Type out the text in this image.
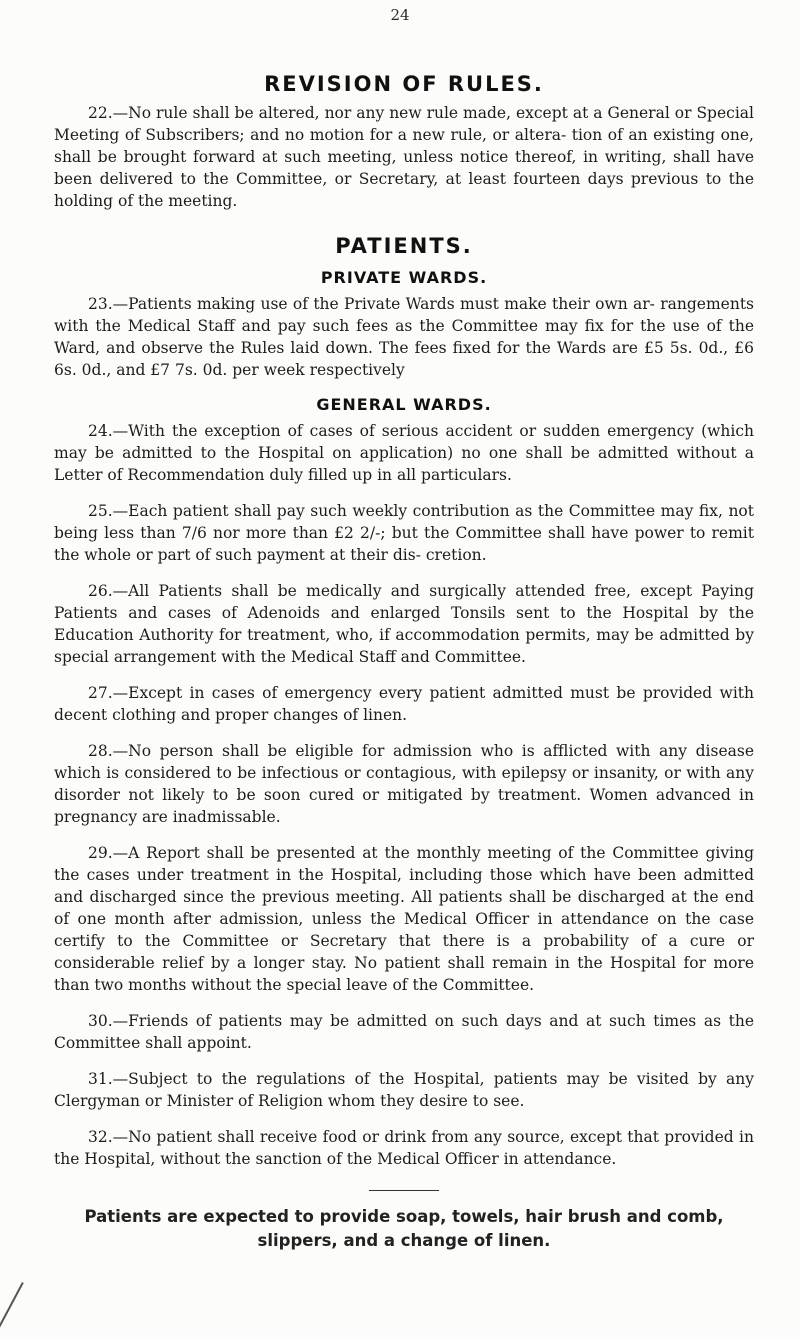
24
REVISION OF RULES.

22.—No rule shall be altered, nor any new rule made, except at a General or Special Meeting of Subscribers; and no motion for a new rule, or altera- tion of an existing one, shall be brought forward at such meeting, unless notice thereof, in writing, shall have been delivered to the Committee, or Secretary, at least fourteen days previous to the holding of the meeting.

PATIENTS.
PRIVATE WARDS.

23.—Patients making use of the Private Wards must make their own ar- rangements with the Medical Staff and pay such fees as the Committee may fix for the use of the Ward, and observe the Rules laid down. The fees fixed for the Wards are £5 5s. 0d., £6 6s. 0d., and £7 7s. 0d. per week respectively

GENERAL WARDS.

24.—With the exception of cases of serious accident or sudden emergency (which may be admitted to the Hospital on application) no one shall be admitted without a Letter of Recommendation duly filled up in all particulars.

25.—Each patient shall pay such weekly contribution as the Committee may fix, not being less than 7/6 nor more than £2 2/-; but the Committee shall have power to remit the whole or part of such payment at their dis- cretion.

26.—All Patients shall be medically and surgically attended free, except Paying Patients and cases of Adenoids and enlarged Tonsils sent to the Hospital by the Education Authority for treatment, who, if accommodation permits, may be admitted by special arrangement with the Medical Staff and Committee.

27.—Except in cases of emergency every patient admitted must be provided with decent clothing and proper changes of linen.

28.—No person shall be eligible for admission who is afflicted with any disease which is considered to be infectious or contagious, with epilepsy or insanity, or with any disorder not likely to be soon cured or mitigated by treatment. Women advanced in pregnancy are inadmissable.

29.—A Report shall be presented at the monthly meeting of the Committee giving the cases under treatment in the Hospital, including those which have been admitted and discharged since the previous meeting. All patients shall be discharged at the end of one month after admission, unless the Medical Officer in attendance on the case certify to the Committee or Secretary that there is a probability of a cure or considerable relief by a longer stay. No patient shall remain in the Hospital for more than two months without the special leave of the Committee.

30.—Friends of patients may be admitted on such days and at such times as the Committee shall appoint.

31.—Subject to the regulations of the Hospital, patients may be visited by any Clergyman or Minister of Religion whom they desire to see.

32.—No patient shall receive food or drink from any source, except that provided in the Hospital, without the sanction of the Medical Officer in attendance.

Patients are expected to provide soap, towels, hair brush and comb, slippers, and a change of linen.
